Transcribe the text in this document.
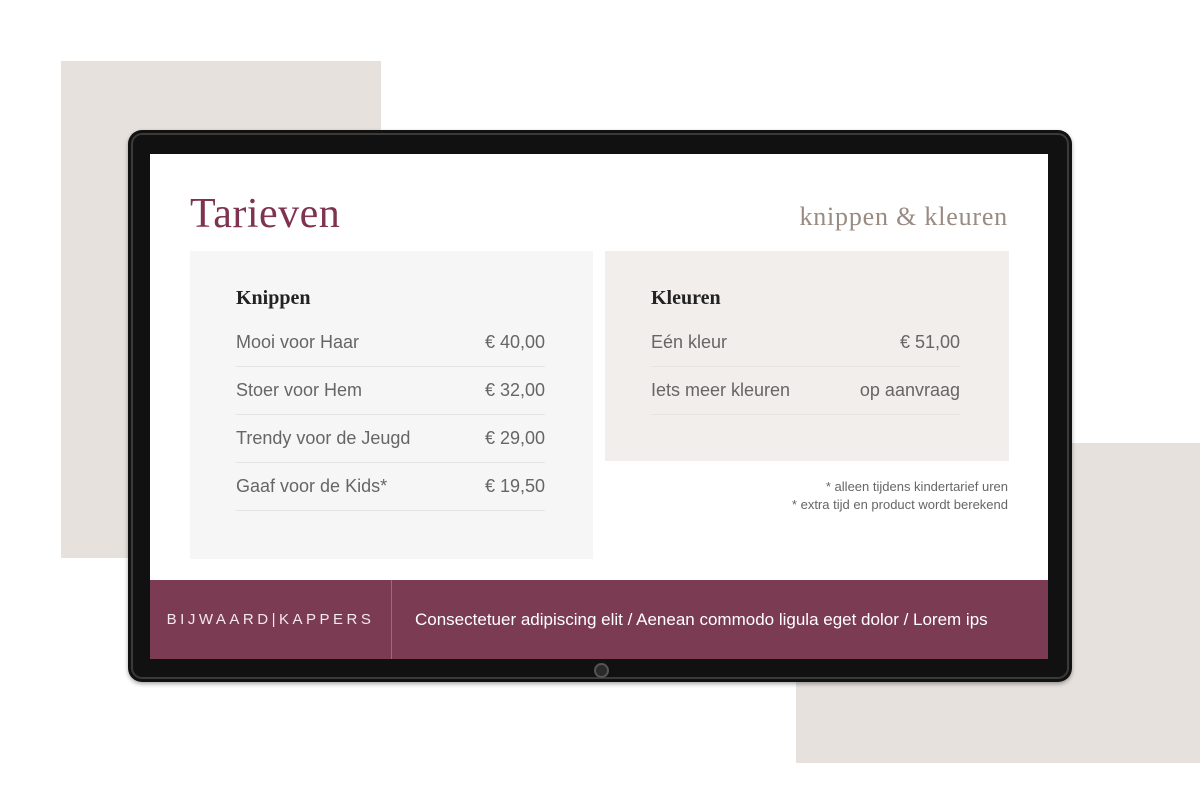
Tarieven	knippen & kleuren
Knippen
Mooi voor Haar	€ 40,00
Stoer voor Hem	€ 32,00
Trendy voor de Jeugd	€ 29,00
Gaaf voor de Kids*	€ 19,50
Kleuren
Eén kleur	€ 51,00
Iets meer kleuren	op aanvraag
* alleen tijdens kindertarief uren
* extra tijd en product wordt berekend
BIJWAARD|KAPPERS	Consectetuer adipiscing elit / Aenean commodo ligula eget dolor / Lorem ips
